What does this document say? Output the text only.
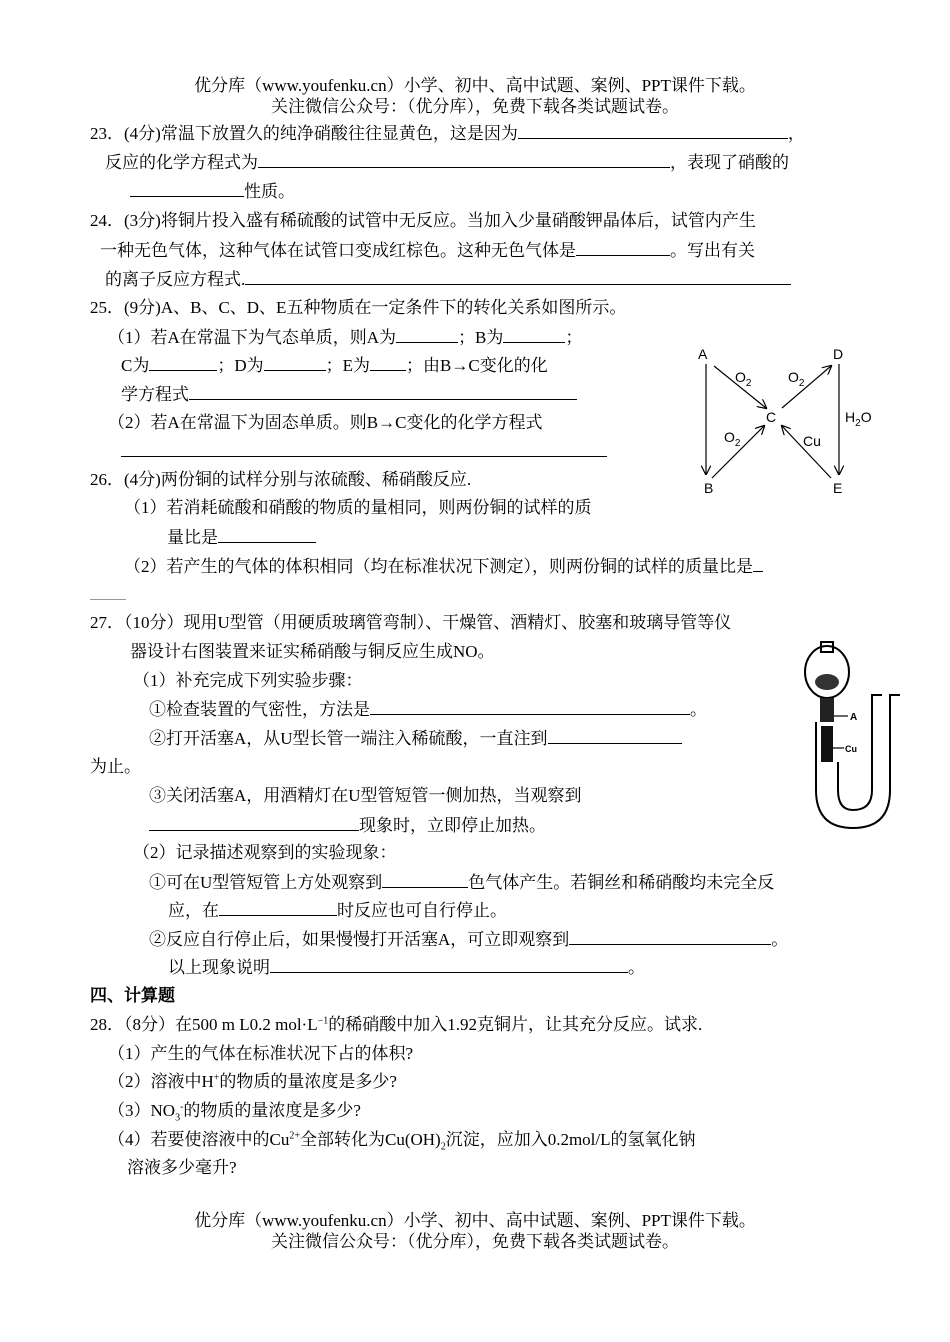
优分库（www.youfenku.cn）小学、初中、高中试题、案例、PPT课件下载。
关注微信公众号：（优分库），免费下载各类试题试卷。
23．(4分)常温下放置久的纯净硝酸往往显黄色，这是因为	，
反应的化学方程式为	，表现了硝酸的
性质。
24．(3分)将铜片投入盛有稀硫酸的试管中无反应。当加入少量硝酸钾晶体后，试管内产生
一种无色气体，这种气体在试管口变成红棕色。这种无色气体是	。写出有关
的离子反应方程式.
25．(9分)A、B、C、D、E五种物质在一定条件下的转化关系如图所示。
（1）若A在常温下为气态单质，则A为	；B为	；
C为	；D为	；E为 ；由B→C变化的化
学方程式
（2）若A在常温下为固态单质。则B→C变化的化学方程式
A	D
C
B	E
$O_2$	$O_2$
$O_2$	Cu
$H_2O$
26．(4分)两份铜的试样分别与浓硫酸、稀硝酸反应.
（1）若消耗硫酸和硝酸的物质的量相同，则两份铜的试样的质
量比是
（2）若产生的气体的体积相同（均在标准状况下测定），则两份铜的试样的质量比是
27．（10分）现用U型管（用硬质玻璃管弯制）、干燥管、酒精灯、胶塞和玻璃导管等仪
器设计右图装置来证实稀硝酸与铜反应生成NO。
（1）补充完成下列实验步骤：
①检查装置的气密性，方法是	。
②打开活塞A，从U型长管一端注入稀硫酸，一直注到
为止。
③关闭活塞A，用酒精灯在U型管短管一侧加热，当观察到
现象时，立即停止加热。
（2）记录描述观察到的实验现象：
①可在U型管短管上方处观察到	色气体产生。若铜丝和稀硝酸均未完全反
应，在	时反应也可自行停止。
②反应自行停止后，如果慢慢打开活塞A，可立即观察到	。
以上现象说明	。
A
Cu
四、计算题
28．（8分）在500 m L0.2 $mol\cdot L^{-1}$的稀硝酸中加入1.92克铜片，让其充分反应。试求.
（1）产生的气体在标准状况下占的体积?
（2）溶液中H+的物质的量浓度是多少?
$(3)NO_3^-$的物质的量浓度是多少?
（4）若要使溶液中的$Cu^{2+}$全部转化为$Cu(OH)_2$沉淀，应加入0.2mol/L的氢氧化钠
溶液多少毫升?
优分库（www.youfenku.cn）小学、初中、高中试题、案例、PPT课件下载。
关注微信公众号：（优分库），免费下载各类试题试卷。
